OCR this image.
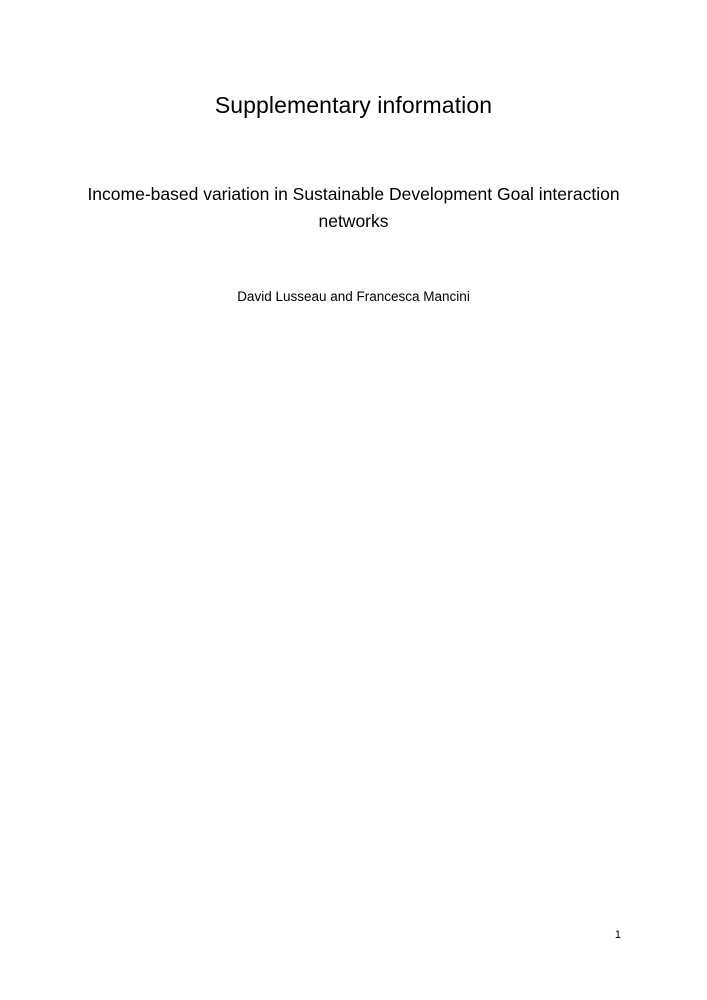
Supplementary information
Income-based variation in Sustainable Development Goal interaction networks
David Lusseau and Francesca Mancini
1
